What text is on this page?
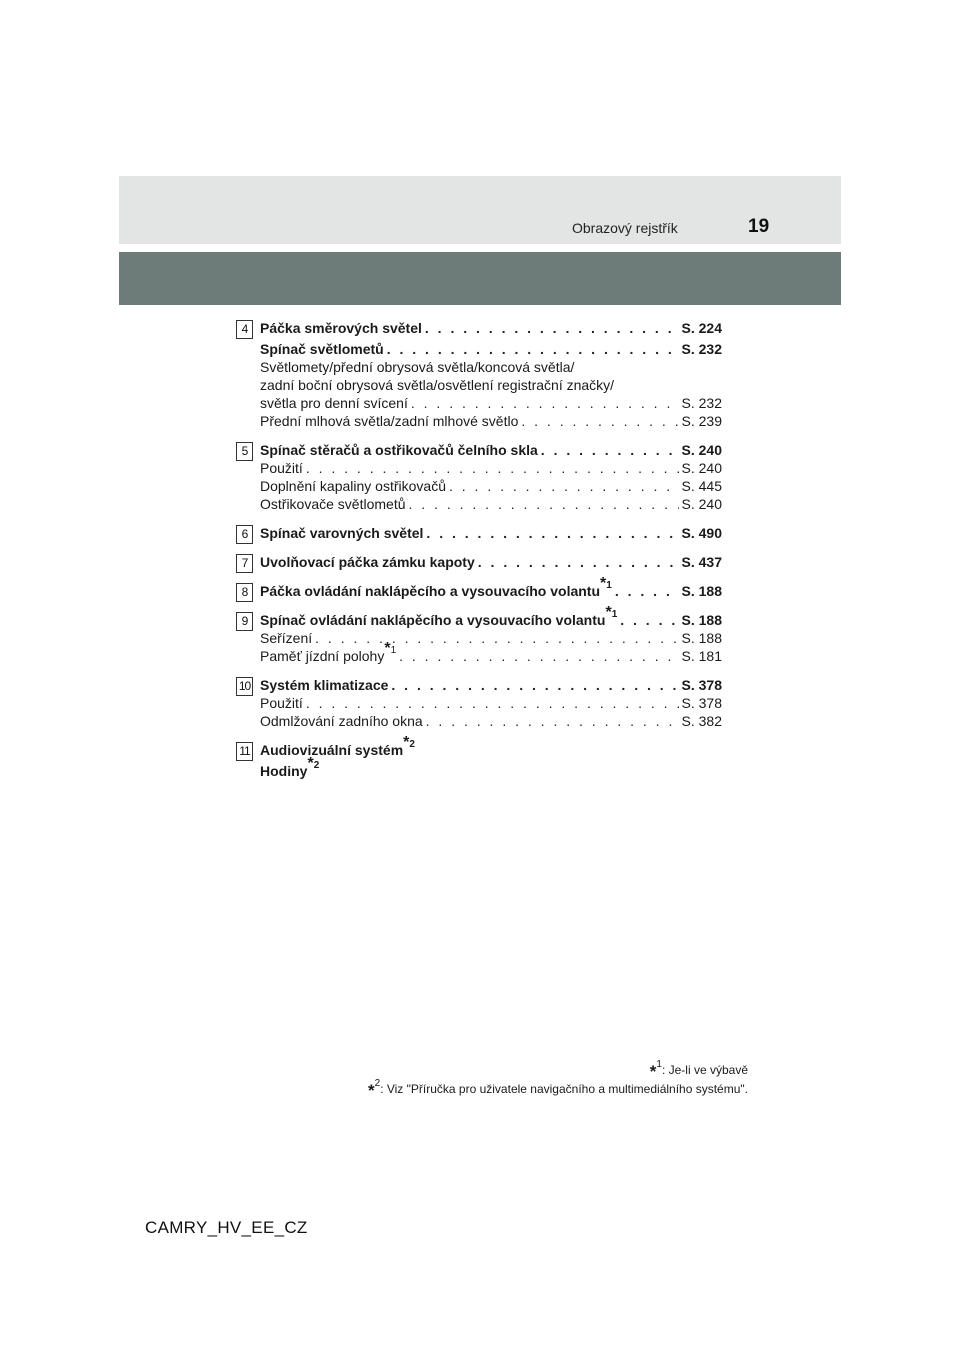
Obrazový rejstřík	19
4 Páčka směrových světel . . .	S. 224
Spínač světlometů . . .	S. 232
Světlomety/přední obrysová světla/koncová světla/
zadní boční obrysová světla/osvětlení registrační značky/
světla pro denní svícení . . .	S. 232
Přední mlhová světla/zadní mlhové světlo . . .	S. 239
5 Spínač stěračů a ostřikovačů čelního skla . . .	S. 240
Použití . . .	S. 240
Doplnění kapaliny ostřikovačů . . .	S. 445
Ostřikovače světlometů . . .	S. 240
6 Spínač varovných světel . . .	S. 490
7 Uvolňovací páčka zámku kapoty . . .	S. 437
8 Páčka ovládání naklápěcího a vysouvacího volantu$^{*1}$ . . .	S. 188
9 Spínač ovládání naklápěcího a vysouvacího volantu$^{*1}$ . . .	S. 188
Seřízení . . .	S. 188
Paměť jízdní polohy$^{*1}$ . . .	S. 181
10 Systém klimatizace . . .	S. 378
Použití . . .	S. 378
Odmlžování zadního okna . . .	S. 382
11 Audiovizuální systém$^{*2}$
Hodiny$^{*2}$
*$^1$: Je-li ve výbavě
*$^2$: Viz "Příručka pro uživatele navigačního a multimediálního systému".
CAMRY_HV_EE_CZ
